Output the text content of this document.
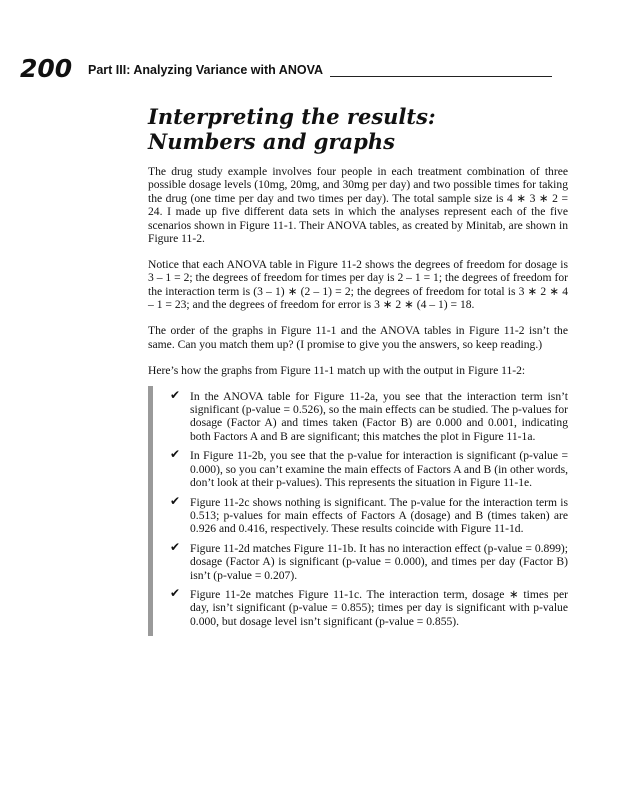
200 Part III: Analyzing Variance with ANOVA
Interpreting the results:
Numbers and graphs

The drug study example involves four people in each treatment combination of three possible dosage levels (10mg, 20mg, and 30mg per day) and two possible times for taking the drug (one time per day and two times per day). The total sample size is 4 ∗ 3 ∗ 2 = 24. I made up five different data sets in which the analyses represent each of the five scenarios shown in Figure 11-1. Their ANOVA tables, as created by Minitab, are shown in Figure 11-2.

Notice that each ANOVA table in Figure 11-2 shows the degrees of freedom for dosage is 3 – 1 = 2; the degrees of freedom for times per day is 2 – 1 = 1; the degrees of freedom for the interaction term is (3 – 1) ∗ (2 – 1) = 2; the degrees of freedom for total is 3 ∗ 2 ∗ 4 – 1 = 23; and the degrees of freedom for error is 3 ∗ 2 ∗ (4 – 1) = 18.

The order of the graphs in Figure 11-1 and the ANOVA tables in Figure 11-2 isn’t the same. Can you match them up? (I promise to give you the answers, so keep reading.)

Here’s how the graphs from Figure 11-1 match up with the output in Figure 11-2:

✔ In the ANOVA table for Figure 11-2a, you see that the interaction term isn’t significant (p-value = 0.526), so the main effects can be studied. The p-values for dosage (Factor A) and times taken (Factor B) are 0.000 and 0.001, indicating both Factors A and B are significant; this matches the plot in Figure 11-1a.
✔ In Figure 11-2b, you see that the p-value for interaction is significant (p-value = 0.000), so you can’t examine the main effects of Factors A and B (in other words, don’t look at their p-values). This represents the situation in Figure 11-1e.
✔ Figure 11-2c shows nothing is significant. The p-value for the interaction term is 0.513; p-values for main effects of Factors A (dosage) and B (times taken) are 0.926 and 0.416, respectively. These results coincide with Figure 11-1d.
✔ Figure 11-2d matches Figure 11-1b. It has no interaction effect (p-value = 0.899); dosage (Factor A) is significant (p-value = 0.000), and times per day (Factor B) isn’t (p-value = 0.207).
✔ Figure 11-2e matches Figure 11-1c. The interaction term, dosage ∗ times per day, isn’t significant (p-value = 0.855); times per day is significant with p-value 0.000, but dosage level isn’t significant (p-value = 0.855).
